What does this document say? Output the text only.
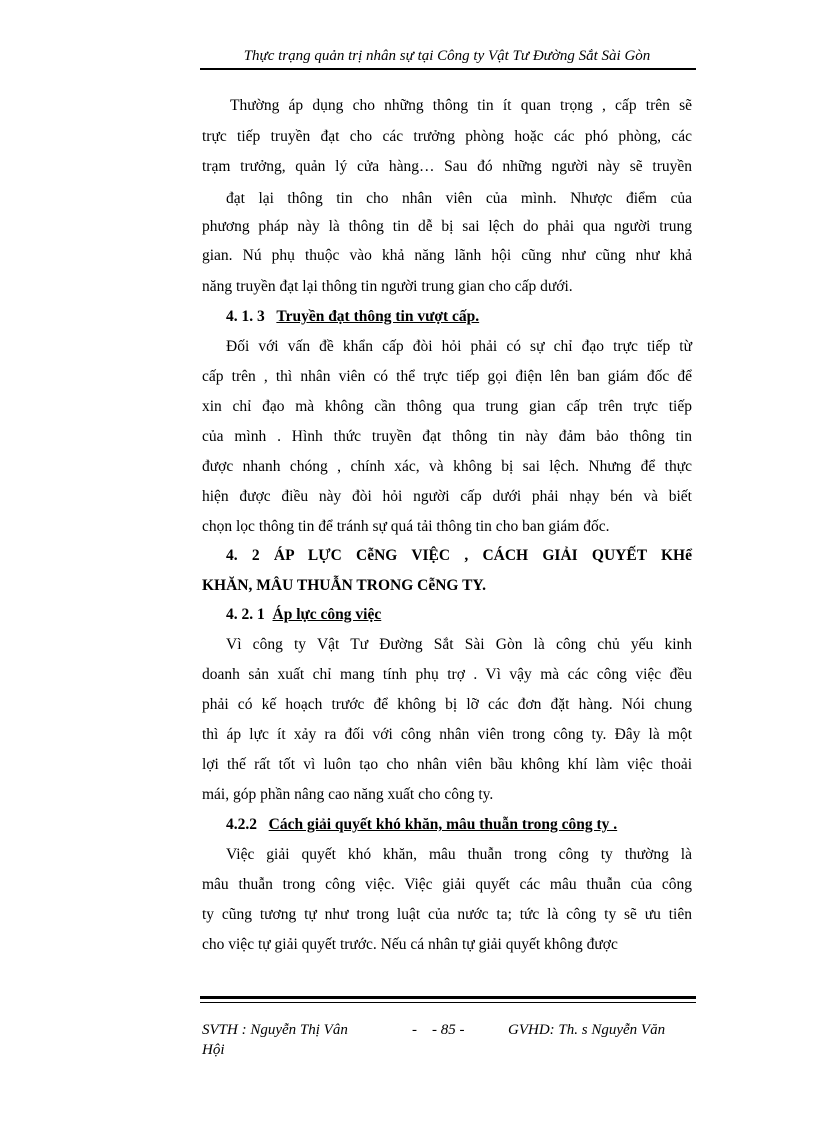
Thực trạng quản trị nhân sự tại Công ty Vật Tư Đường Sắt Sài Gòn
Thường áp dụng cho những thông tin ít quan trọng , cấp trên sẽ
trực tiếp truyền đạt cho các trưởng phòng hoặc các phó phòng, các
trạm trưởng, quản lý cửa hàng… Sau đó những người này sẽ truyền
đạt lại thông tin cho nhân viên của mình. Nhược điểm của
phương pháp này là thông tin dễ bị sai lệch do phải qua người trung
gian. Nú phụ thuộc vào khả năng lãnh hội cũng như cũng như khả
năng truyền đạt lại thông tin người trung gian cho cấp dưới.
4. 1. 3 Truyền đạt thông tin vượt cấp.
Đối với vấn đề khẩn cấp đòi hỏi phải có sự chỉ đạo trực tiếp từ
cấp trên , thì nhân viên có thể trực tiếp gọi điện lên ban giám đốc để
xin chỉ đạo mà không cần thông qua trung gian cấp trên trực tiếp
của mình . Hình thức truyền đạt thông tin này đảm bảo thông tin
được nhanh chóng , chính xác, và không bị sai lệch. Nhưng để thực
hiện được điều này đòi hỏi người cấp dưới phải nhạy bén và biết
chọn lọc thông tin để tránh sự quá tải thông tin cho ban giám đốc.
4. 2 ÁP LỰC CễNG VIỆC , CÁCH GIẢI QUYẾT KHể
KHĂN, MÂU THUẪN TRONG CễNG TY.
4. 2. 1 Áp lực công việc
Vì công ty Vật Tư Đường Sắt Sài Gòn là công chủ yếu kinh
doanh sản xuất chỉ mang tính phụ trợ . Vì vậy mà các công việc đều
phải có kế hoạch trước để không bị lỡ các đơn đặt hàng. Nói chung
thì áp lực ít xảy ra đối với công nhân viên trong công ty. Đây là một
lợi thế rất tốt vì luôn tạo cho nhân viên bầu không khí làm việc thoải
mái, góp phần nâng cao năng xuất cho công ty.
4.2.2 Cách giải quyết khó khăn, mâu thuẫn trong công ty .
Việc giải quyết khó khăn, mâu thuẫn trong công ty thường là
mâu thuẫn trong công việc. Việc giải quyết các mâu thuẫn của công
ty cũng tương tự như trong luật của nước ta; tức là công ty sẽ ưu tiên
cho việc tự giải quyết trước. Nếu cá nhân tự giải quyết không được
SVTH : Nguyễn Thị Vân
Hội
- - 85 -	GVHD: Th. s Nguyễn Văn
